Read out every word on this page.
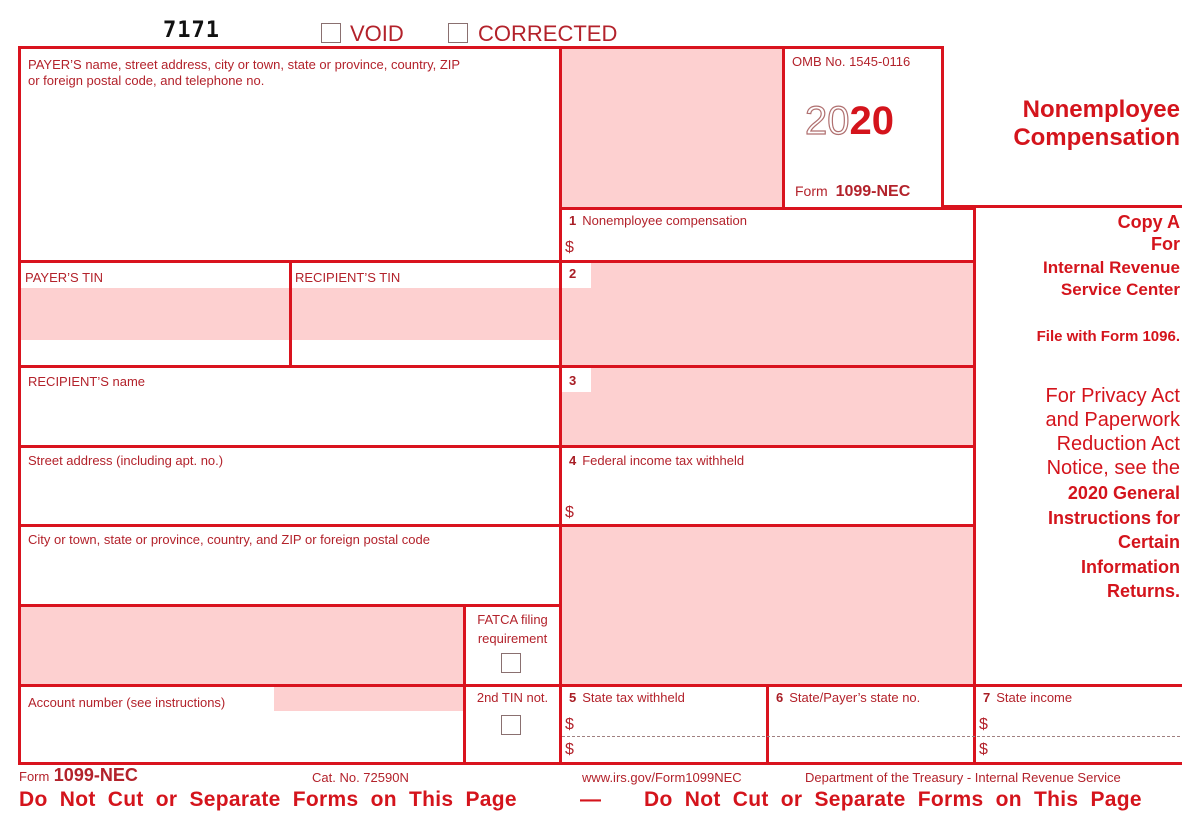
7171	VOID	CORRECTED
PAYER’S name, street address, city or town, state or province, country, ZIP
or foreign postal code, and telephone no.
OMB No. 1545-0116
2020
Form 1099-NEC
Nonemployee
Compensation
1 Nonemployee compensation
$
Copy A
For
Internal Revenue
Service Center
File with Form 1096.
For Privacy Act
and Paperwork
Reduction Act
Notice, see the
2020 General
Instructions for
Certain
Information
Returns.
PAYER’S TIN	RECIPIENT’S TIN	2
RECIPIENT’S name	3
Street address (including apt. no.)	4 Federal income tax withheld
$
City or town, state or province, country, and ZIP or foreign postal code
FATCA filing
requirement
Account number (see instructions)	2nd TIN not.	5 State tax withheld
$
$
6 State/Payer’s state no.	7 State income
$
$
Form 1099-NEC	Cat. No. 72590N	www.irs.gov/Form1099NEC	Department of the Treasury - Internal Revenue Service
Do Not Cut or Separate Forms on This Page	— Do Not Cut or Separate Forms on This Page
